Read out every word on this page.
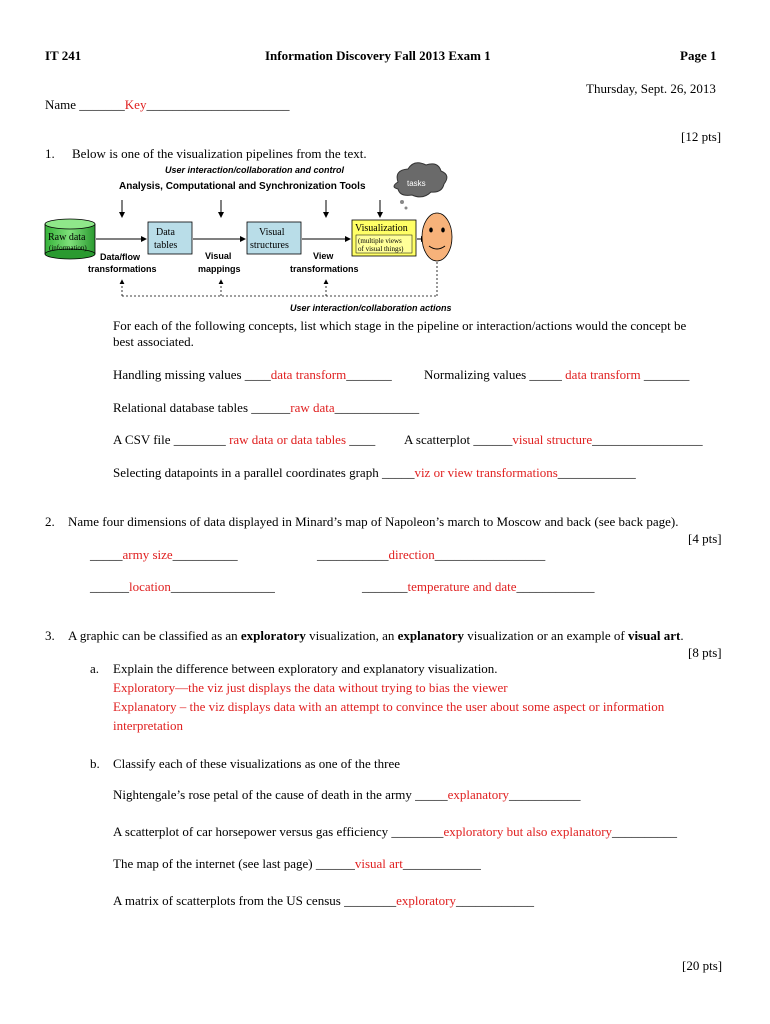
IT 241	Information Discovery Fall 2013 Exam 1	Page 1
Thursday, Sept. 26, 2013
Name _______Key______________________
[12 pts]
1. Below is one of the visualization pipelines from the text.
User interaction/collaboration and control
Analysis, Computational and Synchronization Tools	tasks
Raw data
(information)
Data
tables
Visual
structures
Visualization
(multiple views
of visual things)
Data/flow
transformations
Visual
mappings
View
transformations
User interaction/collaboration actions
For each of the following concepts, list which stage in the pipeline or interaction/actions would the concept be
best associated.
Handling missing values ____data transform_______ Normalizing values _____ data transform _______
Relational database tables ______raw data_____________
A CSV file ________ raw data or data tables ____ A scatterplot ______visual structure_________________
Selecting datapoints in a parallel coordinates graph _____viz or view transformations____________
2. Name four dimensions of data displayed in Minard’s map of Napoleon’s march to Moscow and back (see back page).
[4 pts]
_____army size__________	___________direction_________________
______location________________	_______temperature and date____________
3. A graphic can be classified as an exploratory visualization, an explanatory visualization or an example of visual art.
[8 pts]
a. Explain the difference between exploratory and explanatory visualization.
Exploratory—the viz just displays the data without trying to bias the viewer
Explanatory – the viz displays data with an attempt to convince the user about some aspect or information
interpretation
b. Classify each of these visualizations as one of the three
Nightengale’s rose petal of the cause of death in the army _____explanatory___________
A scatterplot of car horsepower versus gas efficiency ________exploratory but also explanatory__________
The map of the internet (see last page) ______visual art____________
A matrix of scatterplots from the US census ________exploratory____________
[20 pts]
